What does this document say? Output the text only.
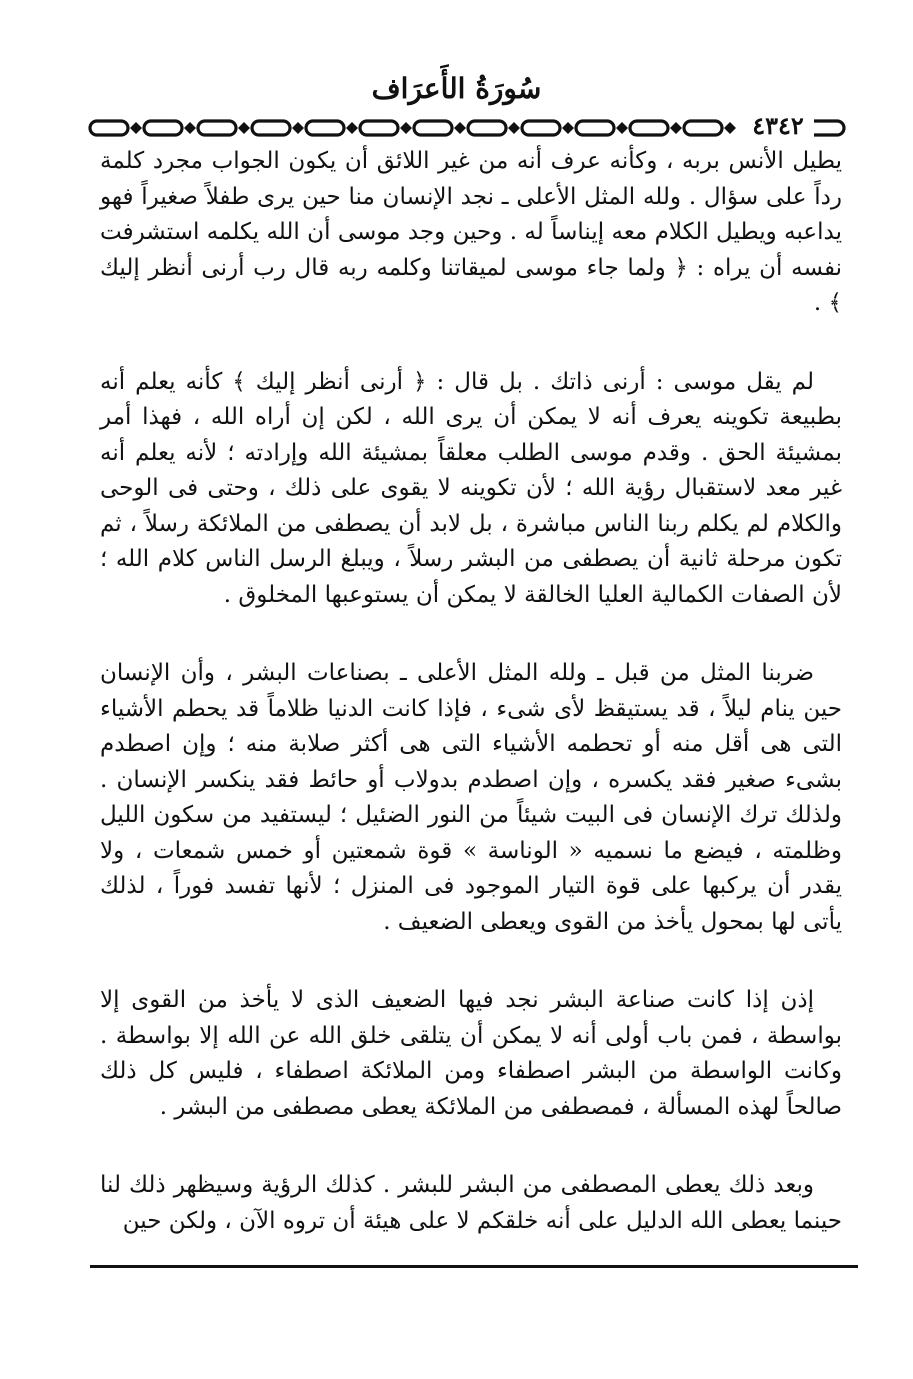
سُورَةُ الأَعرَاف
٤٣٤٢

يطيل الأنس بربه ، وكأنه عرف أنه من غير اللائق أن يكون الجواب مجرد كلمة رداً على سؤال . ولله المثل الأعلى ـ نجد الإنسان منا حين يرى طفلاً صغيراً فهو يداعبه ويطيل الكلام معه إيناساً له . وحين وجد موسى أن الله يكلمه استشرفت نفسه أن يراه : ﴿ ولما جاء موسى لميقاتنا وكلمه ربه قال رب أرنى أنظر إليك ﴾ .

لم يقل موسى : أرنى ذاتك . بل قال : ﴿ أرنى أنظر إليك ﴾ كأنه يعلم أنه بطبيعة تكوينه يعرف أنه لا يمكن أن يرى الله ، لكن إن أراه الله ، فهذا أمر بمشيئة الحق . وقدم موسى الطلب معلقاً بمشيئة الله وإرادته ؛ لأنه يعلم أنه غير معد لاستقبال رؤية الله ؛ لأن تكوينه لا يقوى على ذلك ، وحتى فى الوحى والكلام لم يكلم ربنا الناس مباشرة ، بل لابد أن يصطفى من الملائكة رسلاً ، ثم تكون مرحلة ثانية أن يصطفى من البشر رسلاً ، ويبلغ الرسل الناس كلام الله ؛ لأن الصفات الكمالية العليا الخالقة لا يمكن أن يستوعبها المخلوق .

ضربنا المثل من قبل ـ ولله المثل الأعلى ـ بصناعات البشر ، وأن الإنسان حين ينام ليلاً ، قد يستيقظ لأى شىء ، فإذا كانت الدنيا ظلاماً قد يحطم الأشياء التى هى أقل منه أو تحطمه الأشياء التى هى أكثر صلابة منه ؛ وإن اصطدم بشىء صغير فقد يكسره ، وإن اصطدم بدولاب أو حائط فقد ينكسر الإنسان . ولذلك ترك الإنسان فى البيت شيئاً من النور الضئيل ؛ ليستفيد من سكون الليل وظلمته ، فيضع ما نسميه « الوناسة » قوة شمعتين أو خمس شمعات ، ولا يقدر أن يركبها على قوة التيار الموجود فى المنزل ؛ لأنها تفسد فوراً ، لذلك يأتى لها بمحول يأخذ من القوى ويعطى الضعيف .

إذن إذا كانت صناعة البشر نجد فيها الضعيف الذى لا يأخذ من القوى إلا بواسطة ، فمن باب أولى أنه لا يمكن أن يتلقى خلق الله عن الله إلا بواسطة . وكانت الواسطة من البشر اصطفاء ومن الملائكة اصطفاء ، فليس كل ذلك صالحاً لهذه المسألة ، فمصطفى من الملائكة يعطى مصطفى من البشر .

وبعد ذلك يعطى المصطفى من البشر للبشر . كذلك الرؤية وسيظهر ذلك لنا حينما يعطى الله الدليل على أنه خلقكم لا على هيئة أن تروه الآن ، ولكن حين
